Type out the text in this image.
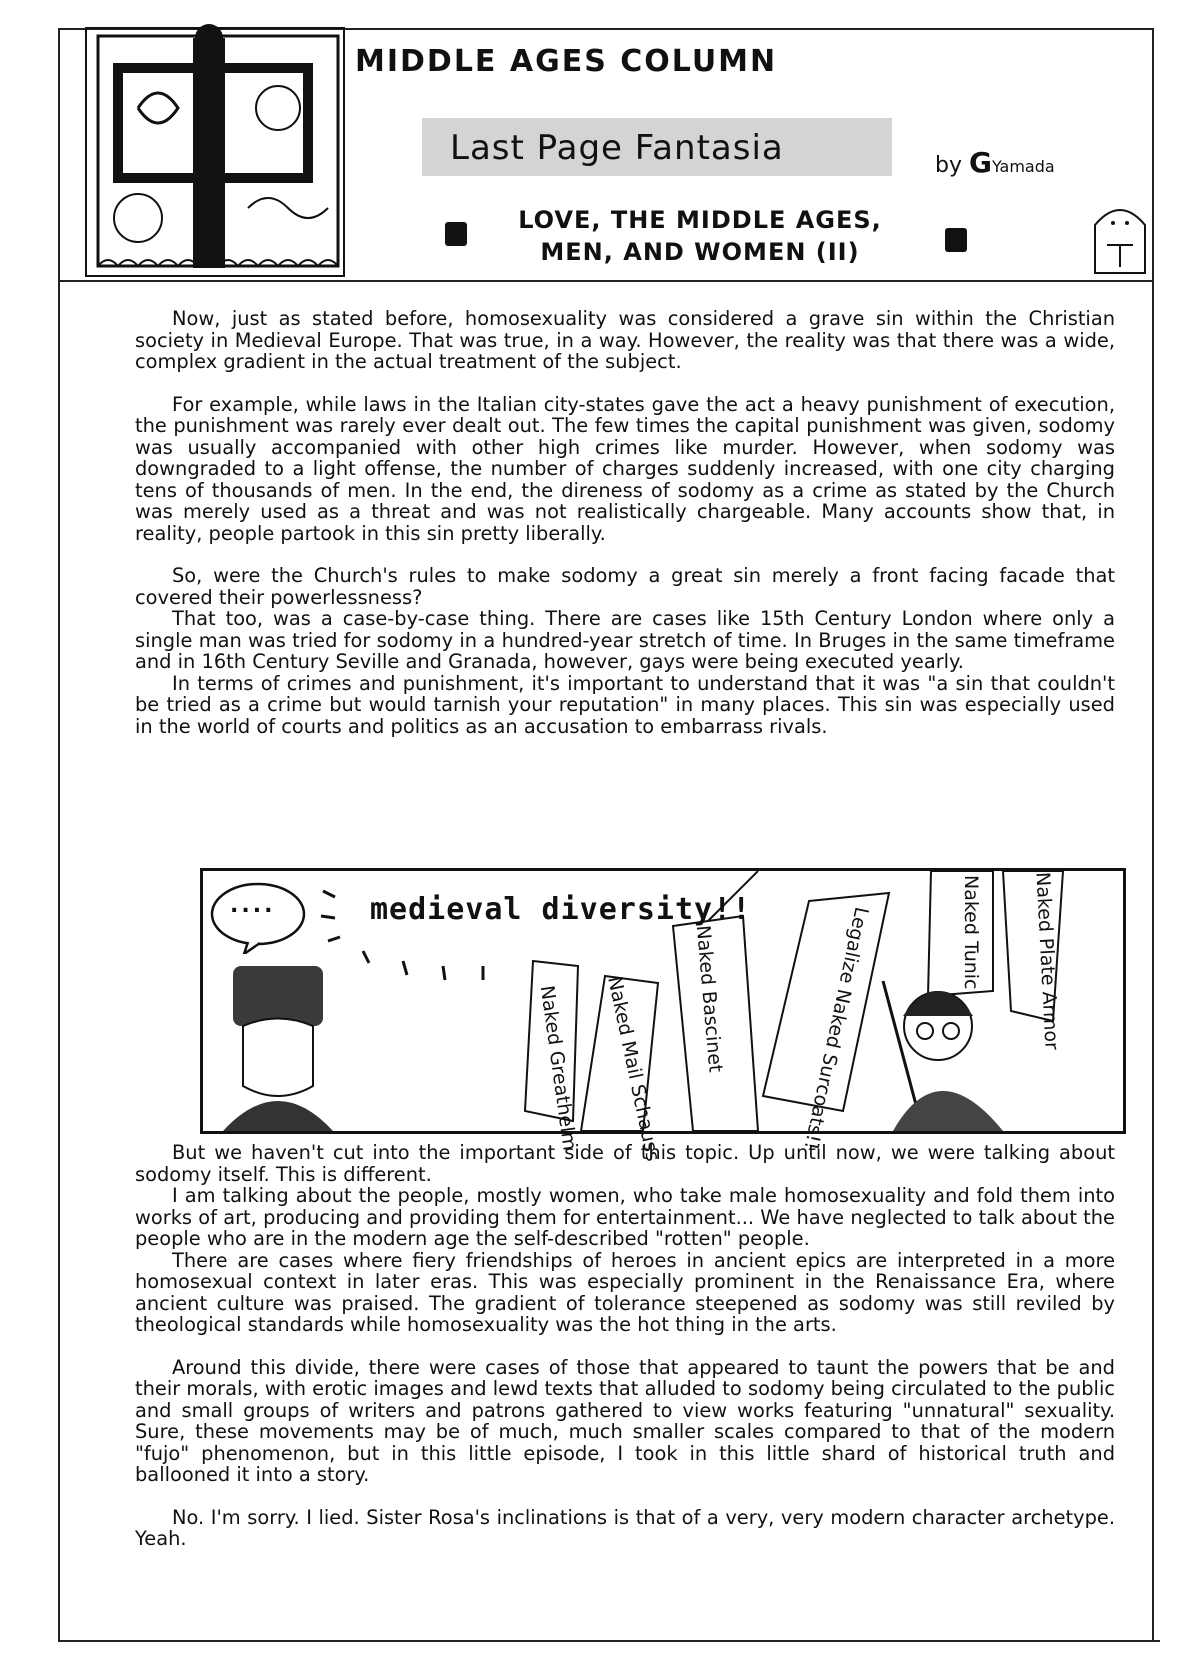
MIDDLE AGES COLUMN
Last Page Fantasia	by GYamada
LOVE, THE MIDDLE AGES,
MEN, AND WOMEN (II)

Now, just as stated before, homosexuality was considered a grave sin within the Christian society in Medieval Europe. That was true, in a way. However, the reality was that there was a wide, complex gradient in the actual treatment of the subject.

For example, while laws in the Italian city-states gave the act a heavy punishment of execution, the punishment was rarely ever dealt out. The few times the capital punishment was given, sodomy was usually accompanied with other high crimes like murder. However, when sodomy was downgraded to a light offense, the number of charges suddenly increased, with one city charging tens of thousands of men. In the end, the direness of sodomy as a crime as stated by the Church was merely used as a threat and was not realistically chargeable. Many accounts show that, in reality, people partook in this sin pretty liberally.

So, were the Church's rules to make sodomy a great sin merely a front facing facade that covered their powerlessness?

That too, was a case-by-case thing. There are cases like 15th Century London where only a single man was tried for sodomy in a hundred-year stretch of time. In Bruges in the same timeframe and in 16th Century Seville and Granada, however, gays were being executed yearly.

In terms of crimes and punishment, it's important to understand that it was "a sin that couldn't be tried as a crime but would tarnish your reputation" in many places. This sin was especially used in the world of courts and politics as an accusation to embarrass rivals.

....	medieval diversity!!
Naked Greathelm Naked Mail Schauss Naked Bascinet	Legalize Naked Surcoats!!	Naked Tunic	Naked Plate Armor

But we haven't cut into the important side of this topic. Up until now, we were talking about sodomy itself. This is different.

I am talking about the people, mostly women, who take male homosexuality and fold them into works of art, producing and providing them for entertainment... We have neglected to talk about the people who are in the modern age the self-described "rotten" people.

There are cases where fiery friendships of heroes in ancient epics are interpreted in a more homosexual context in later eras. This was especially prominent in the Renaissance Era, where ancient culture was praised. The gradient of tolerance steepened as sodomy was still reviled by theological standards while homosexuality was the hot thing in the arts.

Around this divide, there were cases of those that appeared to taunt the powers that be and their morals, with erotic images and lewd texts that alluded to sodomy being circulated to the public and small groups of writers and patrons gathered to view works featuring "unnatural" sexuality. Sure, these movements may be of much, much smaller scales compared to that of the modern "fujo" phenomenon, but in this little episode, I took in this little shard of historical truth and ballooned it into a story.

No. I'm sorry. I lied. Sister Rosa's inclinations is that of a very, very modern character archetype. Yeah.
